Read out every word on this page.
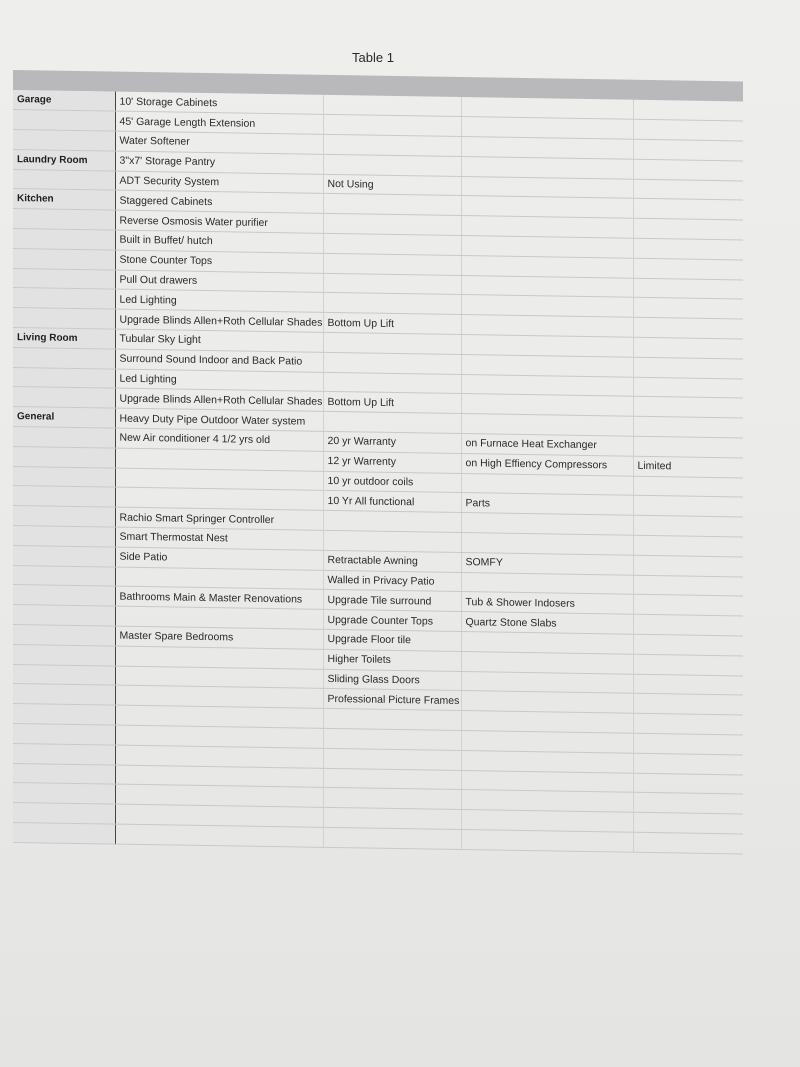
Table 1
Garage	10' Storage Cabinets			
	45' Garage Length Extension			
	Water Softener			
Laundry Room	3"x7' Storage Pantry			
	ADT Security System	Not Using		
Kitchen	Staggered Cabinets			
	Reverse Osmosis Water purifier			
	Built in Buffet/ hutch			
	Stone Counter Tops			
	Pull Out drawers			
	Led Lighting			
	Upgrade Blinds Allen+Roth Cellular Shades	Bottom Up Lift		
Living Room	Tubular Sky Light			
	Surround Sound Indoor and Back Patio			
	Led Lighting			
	Upgrade Blinds Allen+Roth Cellular Shades	Bottom Up Lift		
General	Heavy Duty Pipe Outdoor Water system			
	New Air conditioner 4 1/2 yrs old	20 yr Warranty	on Furnace Heat Exchanger	
		12 yr Warrenty	on High Effiency Compressors	Limited
		10 yr outdoor coils		
		10 Yr All functional	Parts	
	Rachio Smart Springer Controller			
	Smart Thermostat Nest			
	Side Patio	Retractable Awning	SOMFY	
		Walled in Privacy Patio		
	Bathrooms Main & Master Renovations	Upgrade Tile surround	Tub & Shower Indosers	
		Upgrade Counter Tops	Quartz Stone Slabs	
	Master Spare Bedrooms	Upgrade Floor tile		
		Higher Toilets		
		Sliding Glass Doors		
		Professional Picture Frames		
